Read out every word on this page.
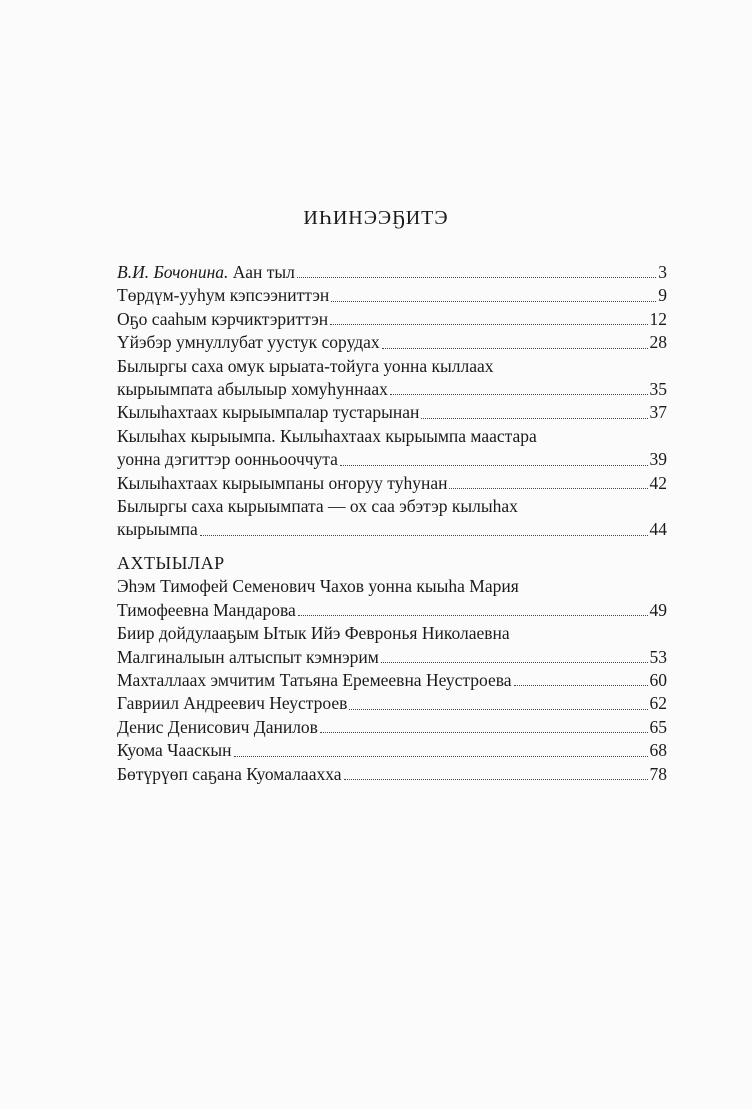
ИҺИНЭЭҔИТЭ
В.И. Бочонина. Аан тыл	3
Төрдүм-ууһум кэпсээниттэн	9
Оҕо сааһым кэрчиктэриттэн	12
Үйэбэр умнуллубат уустук сорудах	28
Былыргы саха омук ырыата-тойуга уонна кыллаах
кырыымпата абылыыр хомуһуннаах	35
Кылыһахтаах кырыымпалар тустарынан	37
Кылыһах кырыымпа. Кылыһахтаах кырыымпа маастара
уонна дэгиттэр оонньооччута	39
Кылыһахтаах кырыымпаны оҥоруу туһунан	42
Былыргы саха кырыымпата — ох саа эбэтэр кылыһах
кырыымпа	44
АХТЫЫЛАР
Эһэм Тимофей Семенович Чахов уонна кыыһа Мария
Тимофеевна Мандарова	49
Биир дойдулааҕым Ытык Ийэ Февронья Николаевна
Малгиналыын алтыспыт кэмнэрим	53
Махталлаах эмчитим Татьяна Еремеевна Неустроева	60
Гавриил Андреевич Неустроев	62
Денис Денисович Данилов	65
Куома Чааскын	68
Бөтүрүөп саҕана Куомалаахха	78
